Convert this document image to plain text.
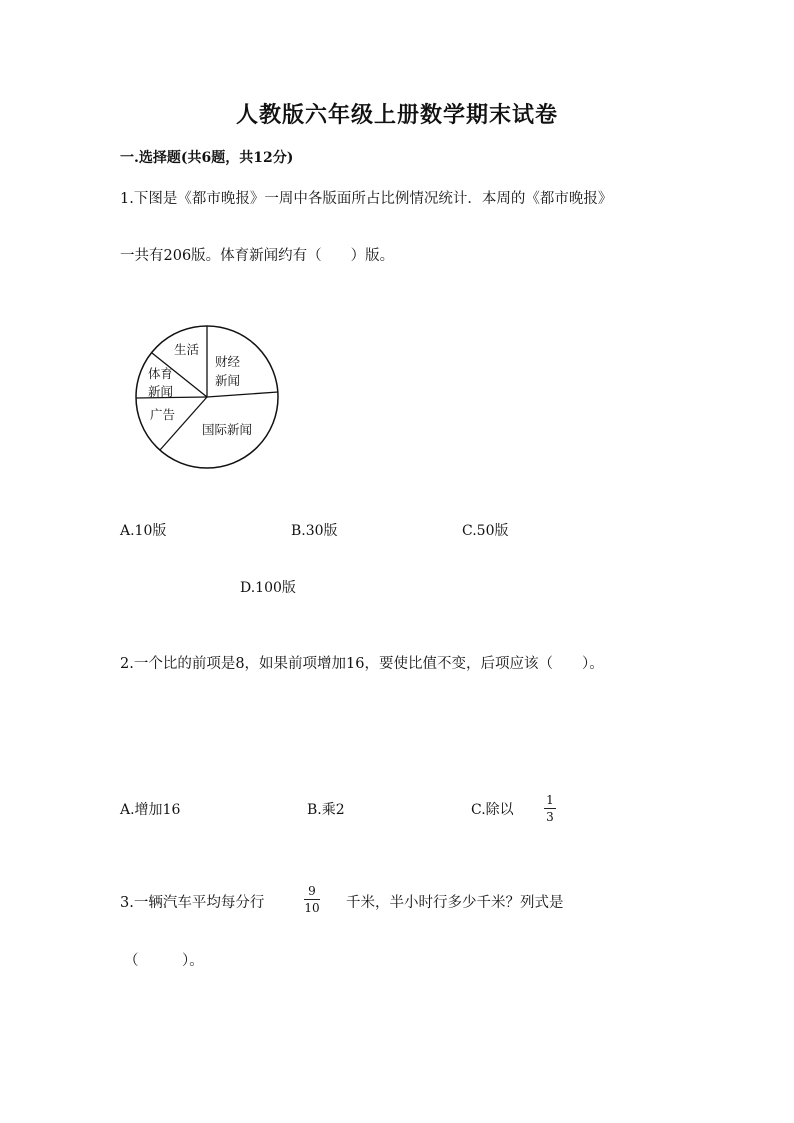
人教版六年级上册数学期末试卷
一.选择题(共6题，共12分)
1.下图是《都市晚报》一周中各版面所占比例情况统计．本周的《都市晚报》
一共有206版。体育新闻约有（　　）版。
生活
财经
新闻
体育
新闻
广告
国际新闻
A.10版	B.30版	C.50版
D.100版
2.一个比的前项是8，如果前项增加16，要使比值不变，后项应该（　　）。
A.增加16	B.乘2	C.除以
1
3
3.一辆汽车平均每分行
9
10 千米，半小时行多少千米？列式是
（　　　）。
